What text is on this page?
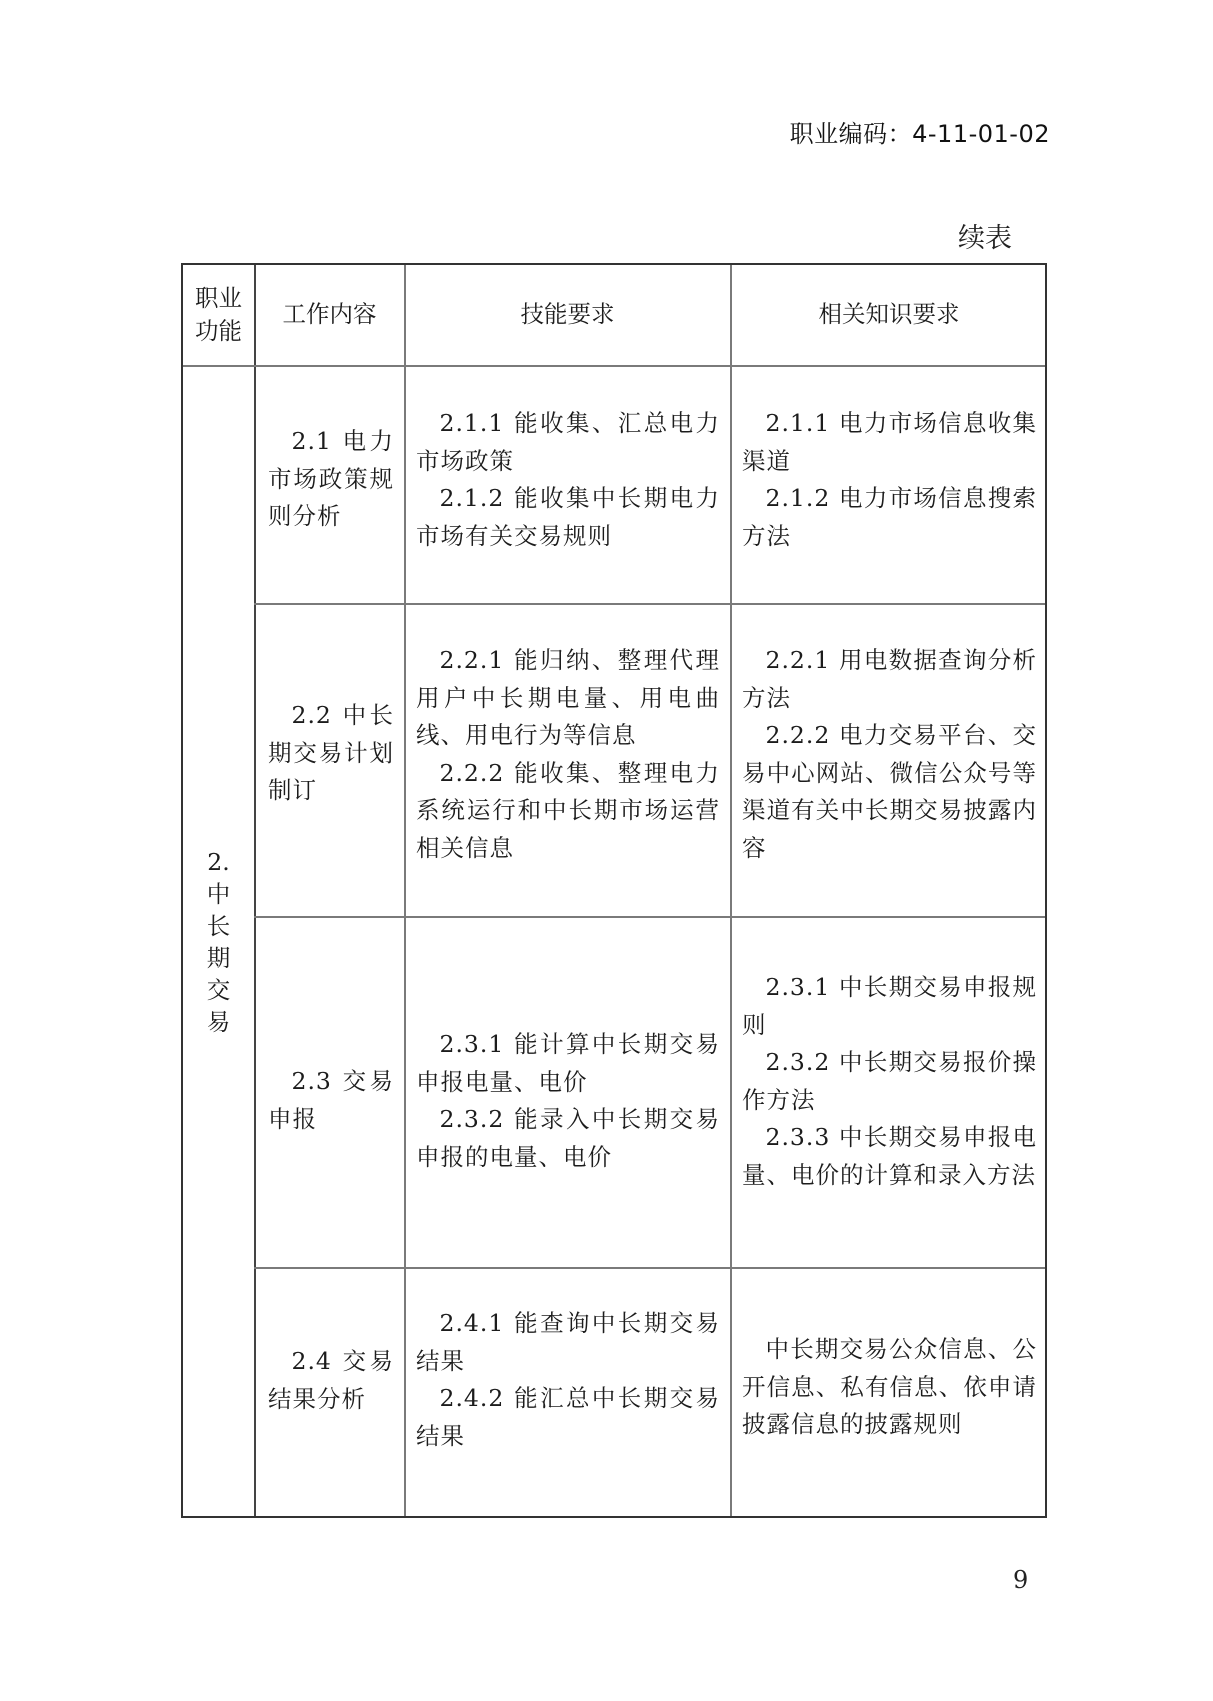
职业编码：4-11-01-02
续表
职业
功能
工作内容	技能要求	相关知识要求
2.
中
长
期
交
易

2.1 电力市场政策规则分析

2.1.1 能收集、汇总电力市场政策

2.1.2 能收集中长期电力市场有关交易规则

2.1.1 电力市场信息收集渠道

2.1.2 电力市场信息搜索方法

2.2 中长期交易计划制订

2.2.1 能归纳、整理代理用户中长期电量、用电曲线、用电行为等信息

2.2.2 能收集、整理电力系统运行和中长期市场运营相关信息

2.2.1 用电数据查询分析方法

2.2.2 电力交易平台、交易中心网站、微信公众号等渠道有关中长期交易披露内容

2.3 交易申报

2.3.1 能计算中长期交易申报电量、电价

2.3.2 能录入中长期交易申报的电量、电价

2.3.1 中长期交易申报规则

2.3.2 中长期交易报价操作方法

2.3.3 中长期交易申报电量、电价的计算和录入方法

2.4 交易结果分析

2.4.1 能查询中长期交易结果

2.4.2 能汇总中长期交易结果

中长期交易公众信息、公开信息、私有信息、依申请披露信息的披露规则

9
